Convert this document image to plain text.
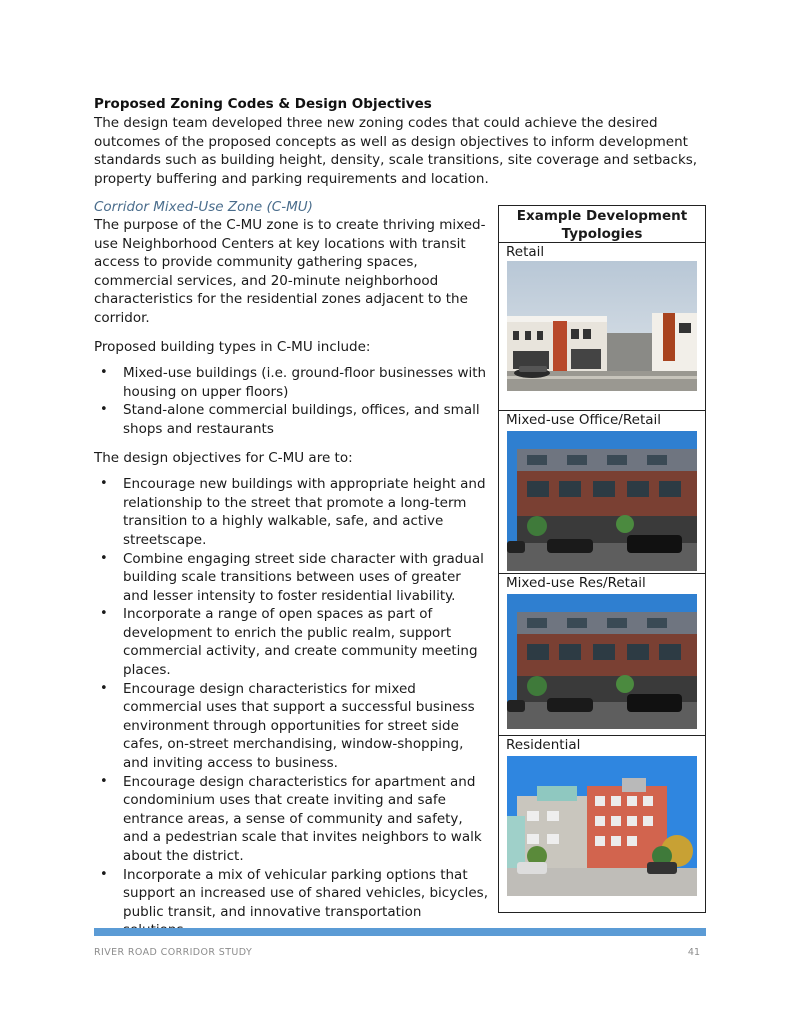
Proposed Zoning Codes & Design Objectives
The design team developed three new zoning codes that could achieve the desired outcomes of the proposed concepts as well as design objectives to inform development standards such as building height, density, scale transitions, site coverage and setbacks, property buffering and parking requirements and location.
Corridor Mixed-Use Zone (C-MU)

The purpose of the C-MU zone is to create thriving mixed-use Neighborhood Centers at key locations with transit access to provide community gathering spaces, commercial services, and 20-minute neighborhood characteristics for the residential zones adjacent to the corridor.

Proposed building types in C-MU include:

• Mixed-use buildings (i.e. ground-floor businesses with housing on upper floors)
• Stand-alone commercial buildings, offices, and small shops and restaurants

The design objectives for C-MU are to:

• Encourage new buildings with appropriate height and relationship to the street that promote a long-term transition to a highly walkable, safe, and active streetscape.
• Combine engaging street side character with gradual building scale transitions between uses of greater and lesser intensity to foster residential livability.
• Incorporate a range of open spaces as part of development to enrich the public realm, support commercial activity, and create community meeting places.
• Encourage design characteristics for mixed commercial uses that support a successful business environment through opportunities for street side cafes, on-street merchandising, window-shopping, and inviting access to business.
• Encourage design characteristics for apartment and condominium uses that create inviting and safe entrance areas, a sense of community and safety, and a pedestrian scale that invites neighbors to walk about the district.
• Incorporate a mix of vehicular parking options that support an increased use of shared vehicles, bicycles, public transit, and innovative transportation
Example Development Typologies
Retail
Mixed-use Office/Retail
Mixed-use Res/Retail
Residential
RIVER ROAD CORRIDOR STUDY	41
